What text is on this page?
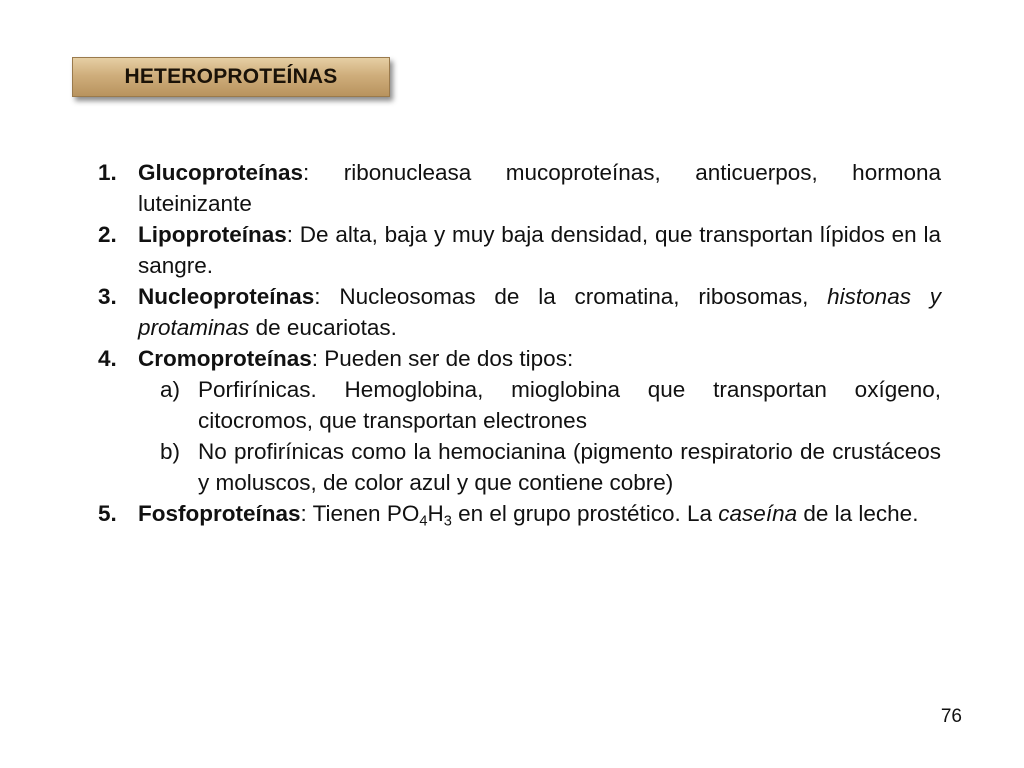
HETEROPROTEÍNAS
1. Glucoproteínas: ribonucleasa mucoproteínas, anticuerpos, hormona luteinizante
2. Lipoproteínas: De alta, baja y muy baja densidad, que transportan lípidos en la sangre.
3. Nucleoproteínas: Nucleosomas de la cromatina, ribosomas, histonas y protaminas de eucariotas.
4. Cromoproteínas: Pueden ser de dos tipos:
a) Porfirínicas. Hemoglobina, mioglobina que transportan oxígeno, citocromos, que transportan electrones
b) No profirínicas como la hemocianina (pigmento respiratorio de crustáceos y moluscos, de color azul y que contiene cobre)
5. Fosfoproteínas: Tienen $PO_4H_3$ en el grupo prostético. La caseína de la leche.
76
